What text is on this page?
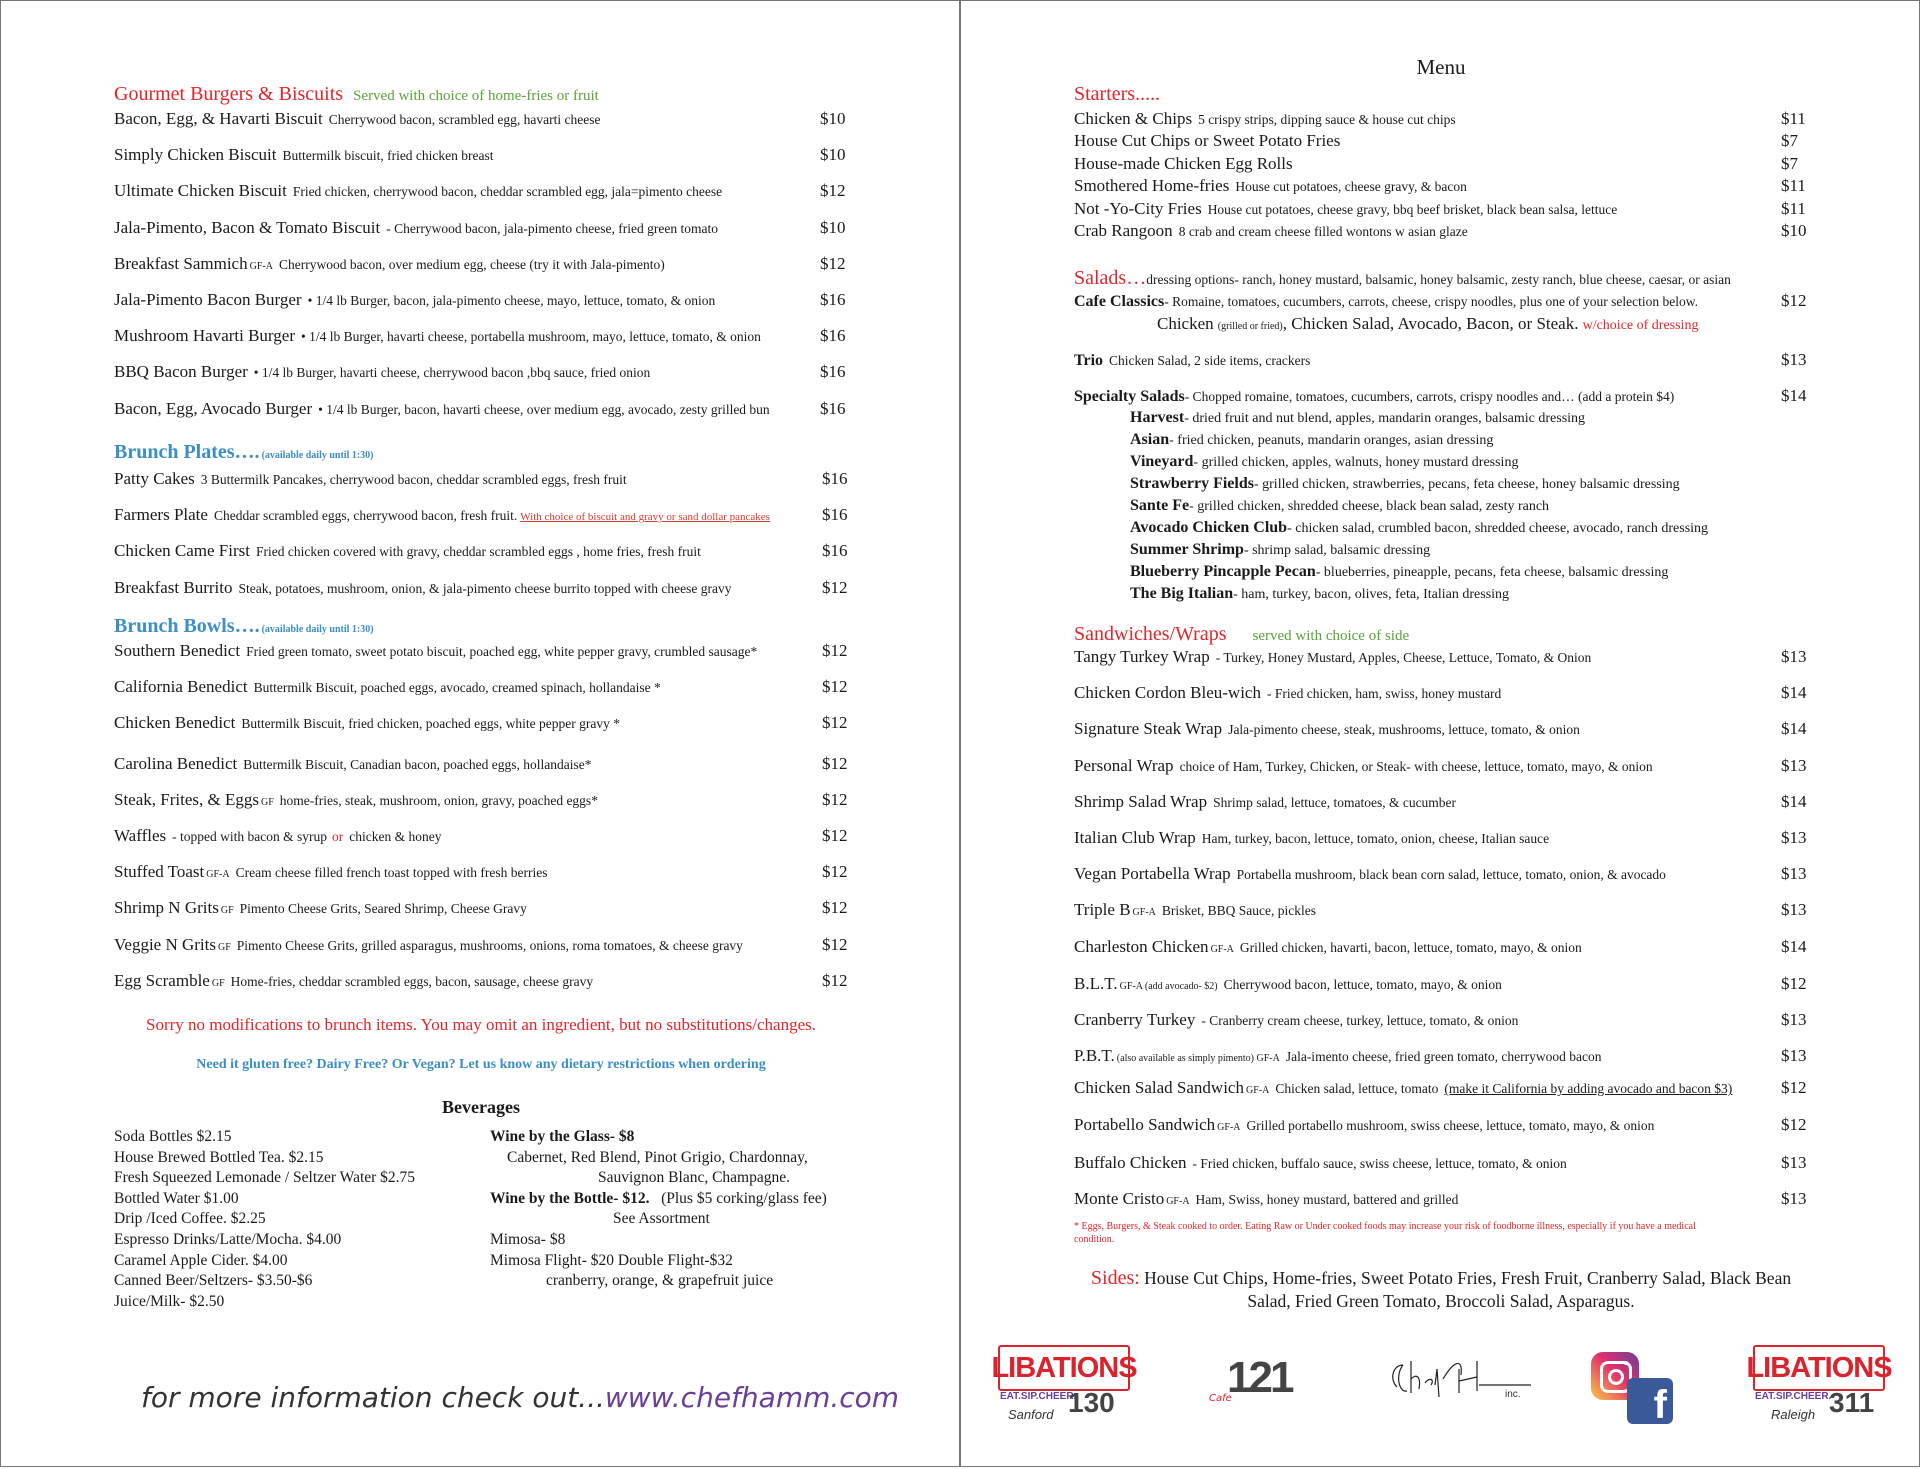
Gourmet Burgers & Biscuits Served with choice of home-fries or fruit
Bacon, Egg, & Havarti Biscuit Cherrywood bacon, scrambled egg, havarti cheese	$10
Simply Chicken Biscuit Buttermilk biscuit, fried chicken breast	$10
Ultimate Chicken Biscuit Fried chicken, cherrywood bacon, cheddar scrambled egg, jala=pimento cheese	$12
Jala-Pimento, Bacon & Tomato Biscuit - Cherrywood bacon, jala-pimento cheese, fried green tomato	$10
Breakfast Sammich GF-A Cherrywood bacon, over medium egg, cheese (try it with Jala-pimento)	$12
Jala-Pimento Bacon Burger • 1/4 lb Burger, bacon, jala-pimento cheese, mayo, lettuce, tomato, & onion	$16
Mushroom Havarti Burger • 1/4 lb Burger, havarti cheese, portabella mushroom, mayo, lettuce, tomato, & onion	$16
BBQ Bacon Burger • 1/4 lb Burger, havarti cheese, cherrywood bacon ,bbq sauce, fried onion	$16
Bacon, Egg, Avocado Burger • 1/4 lb Burger, bacon, havarti cheese, over medium egg, avocado, zesty grilled bun	$16
Brunch Plates…. (available daily until 1:30)
Patty Cakes 3 Buttermilk Pancakes, cherrywood bacon, cheddar scrambled eggs, fresh fruit	$16
Farmers Plate Cheddar scrambled eggs, cherrywood bacon, fresh fruit. With choice of biscuit and gravy or sand dollar pancakes	$16
Chicken Came First Fried chicken covered with gravy, cheddar scrambled eggs , home fries, fresh fruit	$16
Breakfast Burrito Steak, potatoes, mushroom, onion, & jala-pimento cheese burrito topped with cheese gravy	$12
Brunch Bowls…. (available daily until 1:30)
Southern Benedict Fried green tomato, sweet potato biscuit, poached egg, white pepper gravy, crumbled sausage*	$12
California Benedict Buttermilk Biscuit, poached eggs, avocado, creamed spinach, hollandaise *	$12
Chicken Benedict Buttermilk Biscuit, fried chicken, poached eggs, white pepper gravy *	$12
Carolina Benedict Buttermilk Biscuit, Canadian bacon, poached eggs, hollandaise*	$12
Steak, Frites, & Eggs GF home-fries, steak, mushroom, onion, gravy, poached eggs*	$12
Waffles - topped with bacon & syrup or chicken & honey	$12
Stuffed Toast GF-A Cream cheese filled french toast topped with fresh berries	$12
Shrimp N Grits GF Pimento Cheese Grits, Seared Shrimp, Cheese Gravy	$12
Veggie N Grits GF Pimento Cheese Grits, grilled asparagus, mushrooms, onions, roma tomatoes, & cheese gravy	$12
Egg Scramble GF Home-fries, cheddar scrambled eggs, bacon, sausage, cheese gravy	$12
Sorry no modifications to brunch items. You may omit an ingredient, but no substitutions/changes.
Need it gluten free? Dairy Free? Or Vegan? Let us know any dietary restrictions when ordering
Beverages
Soda Bottles $2.15
House Brewed Bottled Tea. $2.15
Fresh Squeezed Lemonade / Seltzer Water $2.75
Bottled Water $1.00
Drip /Iced Coffee. $2.25
Espresso Drinks/Latte/Mocha. $4.00
Caramel Apple Cider. $4.00
Canned Beer/Seltzers- $3.50-$6
Juice/Milk- $2.50
Wine by the Glass- $8
Cabernet, Red Blend, Pinot Grigio, Chardonnay,
Sauvignon Blanc, Champagne.
Wine by the Bottle- $12. (Plus $5 corking/glass fee)
See Assortment
Mimosa- $8
Mimosa Flight- $20 Double Flight-$32
cranberry, orange, & grapefruit juice
for more information check out...www.chefhamm.com
Menu
Starters.....
Chicken & Chips 5 crispy strips, dipping sauce & house cut chips	$11
House Cut Chips or Sweet Potato Fries	$7
House-made Chicken Egg Rolls	$7
Smothered Home-fries House cut potatoes, cheese gravy, & bacon	$11
Not -Yo-City Fries House cut potatoes, cheese gravy, bbq beef brisket, black bean salsa, lettuce	$11
Crab Rangoon 8 crab and cream cheese filled wontons w asian glaze	$10
Salads…dressing options- ranch, honey mustard, balsamic, honey balsamic, zesty ranch, blue cheese, caesar, or asian
Cafe Classics- Romaine, tomatoes, cucumbers, carrots, cheese, crispy noodles, plus one of your selection below.	$12
Chicken (grilled or fried), Chicken Salad, Avocado, Bacon, or Steak. w/choice of dressing
Trio Chicken Salad, 2 side items, crackers	$13
Specialty Salads- Chopped romaine, tomatoes, cucumbers, carrots, crispy noodles and… (add a protein $4)	$14
Harvest- dried fruit and nut blend, apples, mandarin oranges, balsamic dressing
Asian- fried chicken, peanuts, mandarin oranges, asian dressing
Vineyard- grilled chicken, apples, walnuts, honey mustard dressing
Strawberry Fields- grilled chicken, strawberries, pecans, feta cheese, honey balsamic dressing
Sante Fe- grilled chicken, shredded cheese, black bean salad, zesty ranch
Avocado Chicken Club- chicken salad, crumbled bacon, shredded cheese, avocado, ranch dressing
Summer Shrimp- shrimp salad, balsamic dressing
Blueberry Pincapple Pecan- blueberries, pineapple, pecans, feta cheese, balsamic dressing
The Big Italian- ham, turkey, bacon, olives, feta, Italian dressing
Sandwiches/Wraps served with choice of side
Tangy Turkey Wrap - Turkey, Honey Mustard, Apples, Cheese, Lettuce, Tomato, & Onion	$13
Chicken Cordon Bleu-wich - Fried chicken, ham, swiss, honey mustard	$14
Signature Steak Wrap Jala-pimento cheese, steak, mushrooms, lettuce, tomato, & onion	$14
Personal Wrap choice of Ham, Turkey, Chicken, or Steak- with cheese, lettuce, tomato, mayo, & onion	$13
Shrimp Salad Wrap Shrimp salad, lettuce, tomatoes, & cucumber	$14
Italian Club Wrap Ham, turkey, bacon, lettuce, tomato, onion, cheese, Italian sauce	$13
Vegan Portabella Wrap Portabella mushroom, black bean corn salad, lettuce, tomato, onion, & avocado	$13
Triple B GF-A Brisket, BBQ Sauce, pickles	$13
Charleston Chicken GF-A Grilled chicken, havarti, bacon, lettuce, tomato, mayo, & onion	$14
B.L.T. GF-A (add avocado- $2) Cherrywood bacon, lettuce, tomato, mayo, & onion	$12
Cranberry Turkey - Cranberry cream cheese, turkey, lettuce, tomato, & onion	$13
P.B.T. (also available as simply pimento) GF-A Jala-imento cheese, fried green tomato, cherrywood bacon	$13
Chicken Salad Sandwich GF-A Chicken salad, lettuce, tomato (make it California by adding avocado and bacon $3)	$12
Portabello Sandwich GF-A Grilled portabello mushroom, swiss cheese, lettuce, tomato, mayo, & onion	$12
Buffalo Chicken - Fried chicken, buffalo sauce, swiss cheese, lettuce, tomato, & onion	$13
Monte Cristo GF-A Ham, Swiss, honey mustard, battered and grilled	$13
* Eggs, Burgers, & Steak cooked to order. Eating Raw or Under cooked foods may increase your risk of foodborne illness, especially if you have a medical
condition.
Sides: House Cut Chips, Home-fries, Sweet Potato Fries, Fresh Fruit, Cranberry Salad, Black Bean
Salad, Fried Green Tomato, Broccoli Salad, Asparagus.
LIBATIONS
EAT.SIP.CHEER.
130
Sanford
121
Cafe	inc.	f
LIBATIONS
EAT.SIP.CHEER.
311
Raleigh
